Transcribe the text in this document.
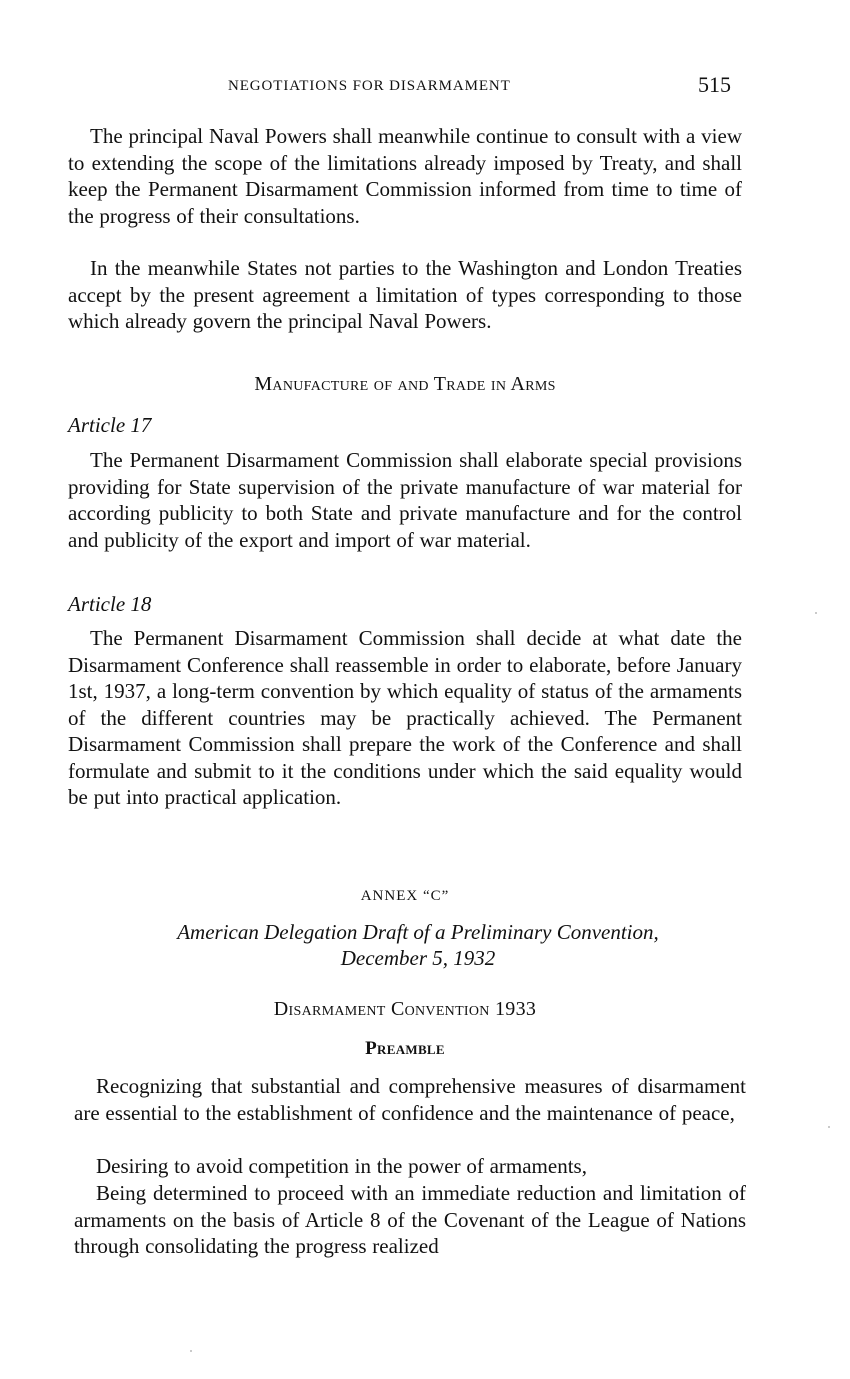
NEGOTIATIONS FOR DISARMAMENT	515

The principal Naval Powers shall meanwhile continue to consult with a view to extending the scope of the limitations already imposed by Treaty, and shall keep the Permanent Disarmament Commission informed from time to time of the progress of their consultations.

In the meanwhile States not parties to the Washington and London Treaties accept by the present agreement a limitation of types corresponding to those which already govern the principal Naval Powers.

Manufacture of and Trade in Arms
Article 17

The Permanent Disarmament Commission shall elaborate special provisions providing for State supervision of the private manufacture of war material for according publicity to both State and private manufacture and for the control and publicity of the export and import of war material.

Article 18

The Permanent Disarmament Commission shall decide at what date the Disarmament Conference shall reassemble in order to elaborate, before January 1st, 1937, a long-term convention by which equality of status of the armaments of the different countries may be practically achieved. The Permanent Disarmament Commission shall prepare the work of the Conference and shall formulate and submit to it the conditions under which the said equality would be put into practical application.

ANNEX “C”
American Delegation Draft of a Preliminary Convention,
December 5, 1932
Disarmament Convention 1933
Preamble

Recognizing that substantial and comprehensive measures of disarmament are essential to the establishment of confidence and the maintenance of peace,

Desiring to avoid competition in the power of armaments,

Being determined to proceed with an immediate reduction and limitation of armaments on the basis of Article 8 of the Covenant of the League of Nations through consolidating the progress realized
